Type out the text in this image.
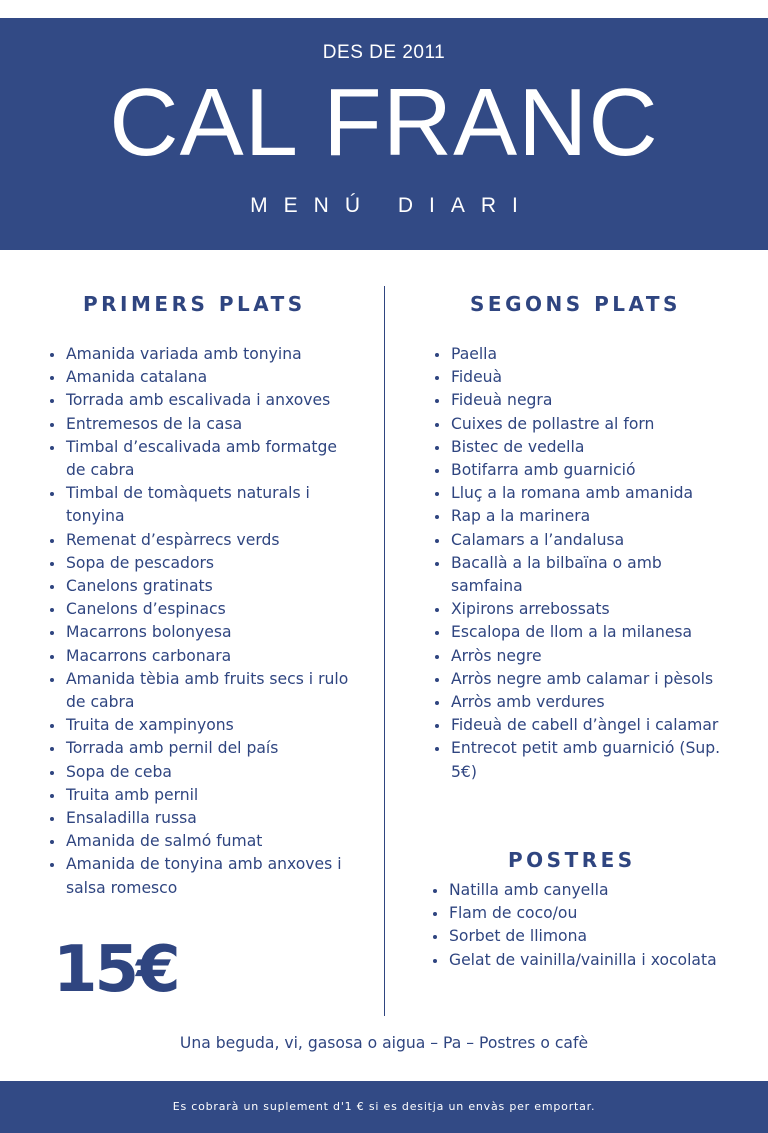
DES DE 2011
CAL FRANC
MENÚ DIARI
PRIMERS PLATS
Amanida variada amb tonyina
Amanida catalana
Torrada amb escalivada i anxoves
Entremesos de la casa
Timbal d’escalivada amb formatge de cabra
Timbal de tomàquets naturals i tonyina
Remenat d’espàrrecs verds
Sopa de pescadors
Canelons gratinats
Canelons d’espinacs
Macarrons bolonyesa
Macarrons carbonara
Amanida tèbia amb fruits secs i rulo de cabra
Truita de xampinyons
Torrada amb pernil del país
Sopa de ceba
Truita amb pernil
Ensaladilla russa
Amanida de salmó fumat
Amanida de tonyina amb anxoves i salsa romesco
SEGONS PLATS
Paella
Fideuà
Fideuà negra
Cuixes de pollastre al forn
Bistec de vedella
Botifarra amb guarnició
Lluç a la romana amb amanida
Rap a la marinera
Calamars a l’andalusa
Bacallà a la bilbaïna o amb samfaina
Xipirons arrebossats
Escalopa de llom a la milanesa
Arròs negre
Arròs negre amb calamar i pèsols
Arròs amb verdures
Fideuà de cabell d’àngel i calamar
Entrecot petit amb guarnició (Sup. 5€)
POSTRES
Natilla amb canyella
Flam de coco/ou
Sorbet de llimona
Gelat de vainilla/vainilla i xocolata
15€
Una beguda, vi, gasosa o aigua – Pa – Postres o cafè
Es cobrarà un suplement d'1 € si es desitja un envàs per emportar.
